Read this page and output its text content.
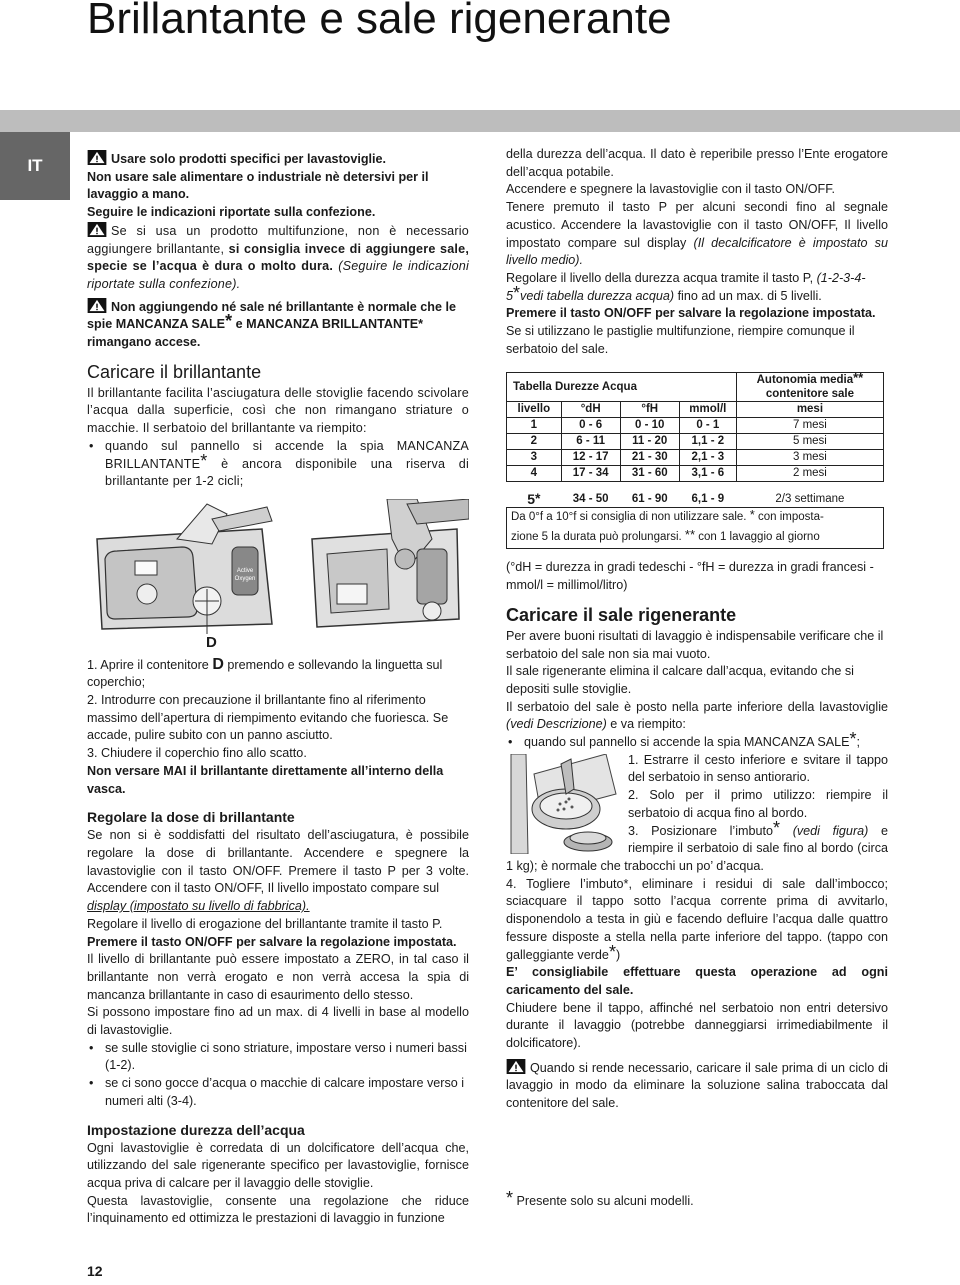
Brillantante e sale rigenerante
IT	Usare solo prodotti specifici per lavastoviglie.

Non usare sale alimentare o industriale nè detersivi per il lavaggio a mano.

Seguire le indicazioni riportate sulla confezione.

Se si usa un prodotto multifunzione, non è necessario aggiungere brillantante, si consiglia invece di aggiungere sale, specie se l’acqua è dura o molto dura. (Seguire le indicazioni riportate sulla confezione).

Non aggiungendo né sale né brillantante è normale che le spie MANCANZA SALE* e MANCANZA BRILLANTANTE* rimangano accese.

Caricare il brillantante

Il brillantante facilita l’asciugatura delle stoviglie facendo scivolare l’acqua dalla superficie, così che non rimangano striature o macchie. Il serbatoio del brillantante va riempito:

• quando sul pannello si accende la spia MANCANZA BRILLANTANTE* è ancora disponibile una riserva di brillantante per 1-2 cicli;

Active
Oxygen
D

1. Aprire il contenitore D premendo e sollevando la linguetta sul coperchio;

2. Introdurre con precauzione il brillantante fino al riferimento massimo dell’apertura di riempimento evitando che fuoriesca. Se accade, pulire subito con un panno asciutto.

3. Chiudere il coperchio fino allo scatto.

Non versare MAI il brillantante direttamente all’interno della vasca.

Regolare la dose di brillantante

Se non si è soddisfatti del risultato dell’asciugatura, è possibile regolare la dose di brillantante. Accendere e spegnere la lavastoviglie con il tasto ON/OFF. Premere il tasto P per 3 volte. Accendere con il tasto ON/OFF, Il livello impostato compare sul

display (impostato su livello di fabbrica).

Regolare il livello di erogazione del brillantante tramite il tasto P.

Premere il tasto ON/OFF per salvare la regolazione impostata.

Il livello di brillantante può essere impostato a ZERO, in tal caso il brillantante non verrà erogato e non verrà accesa la spia di mancanza brillantante in caso di esaurimento dello stesso.

Si possono impostare fino ad un max. di 4 livelli in base al modello di lavastoviglie.

• se sulle stoviglie ci sono striature, impostare verso i numeri bassi (1-2).

• se ci sono gocce d’acqua o macchie di calcare impostare verso i numeri alti (3-4).

Impostazione durezza dell’acqua

Ogni lavastoviglie è corredata di un dolcificatore dell’acqua che, utilizzando del sale rigenerante specifico per lavastoviglie, fornisce acqua priva di calcare per il lavaggio delle stoviglie.

Questa lavastoviglie, consente una regolazione che riduce l’inquinamento ed ottimizza le prestazioni di lavaggio in funzione

della durezza dell’acqua. Il dato è reperibile presso l’Ente erogatore dell’acqua potabile.

Accendere e spegnere la lavastoviglie con il tasto ON/OFF.

Tenere premuto il tasto P per alcuni secondi fino al segnale acustico. Accendere la lavastoviglie con il tasto ON/OFF, Il livello impostato compare sul display (Il decalcificatore è impostato su livello medio).

Regolare il livello della durezza acqua tramite il tasto P, (1-2-3-4-5*vedi tabella durezza acqua) fino ad un max. di 5 livelli.

Premere il tasto ON/OFF per salvare la regolazione impostata.

Se si utilizzano le pastiglie multifunzione, riempire comunque il serbatoio del sale.

Tabella Durezze Acqua				Autonomia media**
contenitore sale
livello	°dH	°fH	mmol/l	mesi
1	0 - 6	0 - 10	0 - 1	7 mesi
2	6 - 11	11 - 20	1,1 - 2	5 mesi
3	12 - 17	21 - 30	2,1 - 3	3 mesi
4	17 - 34	31 - 60	3,1 - 6	2 mesi
5*	34 - 50	61 - 90	6,1 - 9	2/3 settimane
Da 0°f a 10°f si consiglia di non utilizzare sale. * con imposta-				
zione 5 la durata può prolungarsi. ** con 1 lavaggio al giorno				

(°dH = durezza in gradi tedeschi - °fH = durezza in gradi francesi - mmol/l = millimol/litro)

Caricare il sale rigenerante

Per avere buoni risultati di lavaggio è indispensabile verificare che il serbatoio del sale non sia mai vuoto.

Il sale rigenerante elimina il calcare dall’acqua, evitando che si depositi sulle stoviglie.

Il serbatoio del sale è posto nella parte inferiore della lavastoviglie (vedi Descrizione) e va riempito:

• quando sul pannello si accende la spia MANCANZA SALE*;

1. Estrarre il cesto inferiore e svitare il tappo del serbatoio in senso antiorario.

2. Solo per il primo utilizzo: riempire il serbatoio di acqua fino al bordo.

3. Posizionare l’imbuto* (vedi figura) e riempire il serbatoio di sale fino al bordo (circa 1 kg); è normale che trabocchi un po’ d’acqua.

4. Togliere l’imbuto*, eliminare i residui di sale dall’imbocco; sciacquare il tappo sotto l’acqua corrente prima di avvitarlo, disponendolo a testa in giù e facendo defluire l’acqua dalle quattro fessure disposte a stella nella parte inferiore del tappo. (tappo con galleggiante verde*)

E’ consigliabile effettuare questa operazione ad ogni caricamento del sale.

Chiudere bene il tappo, affinché nel serbatoio non entri detersivo durante il lavaggio (potrebbe danneggiarsi irrimediabilmente il dolcificatore).

Quando si rende necessario, caricare il sale prima di un ciclo di lavaggio in modo da eliminare la soluzione salina traboccata dal contenitore del sale.

* Presente solo su alcuni modelli.
12
